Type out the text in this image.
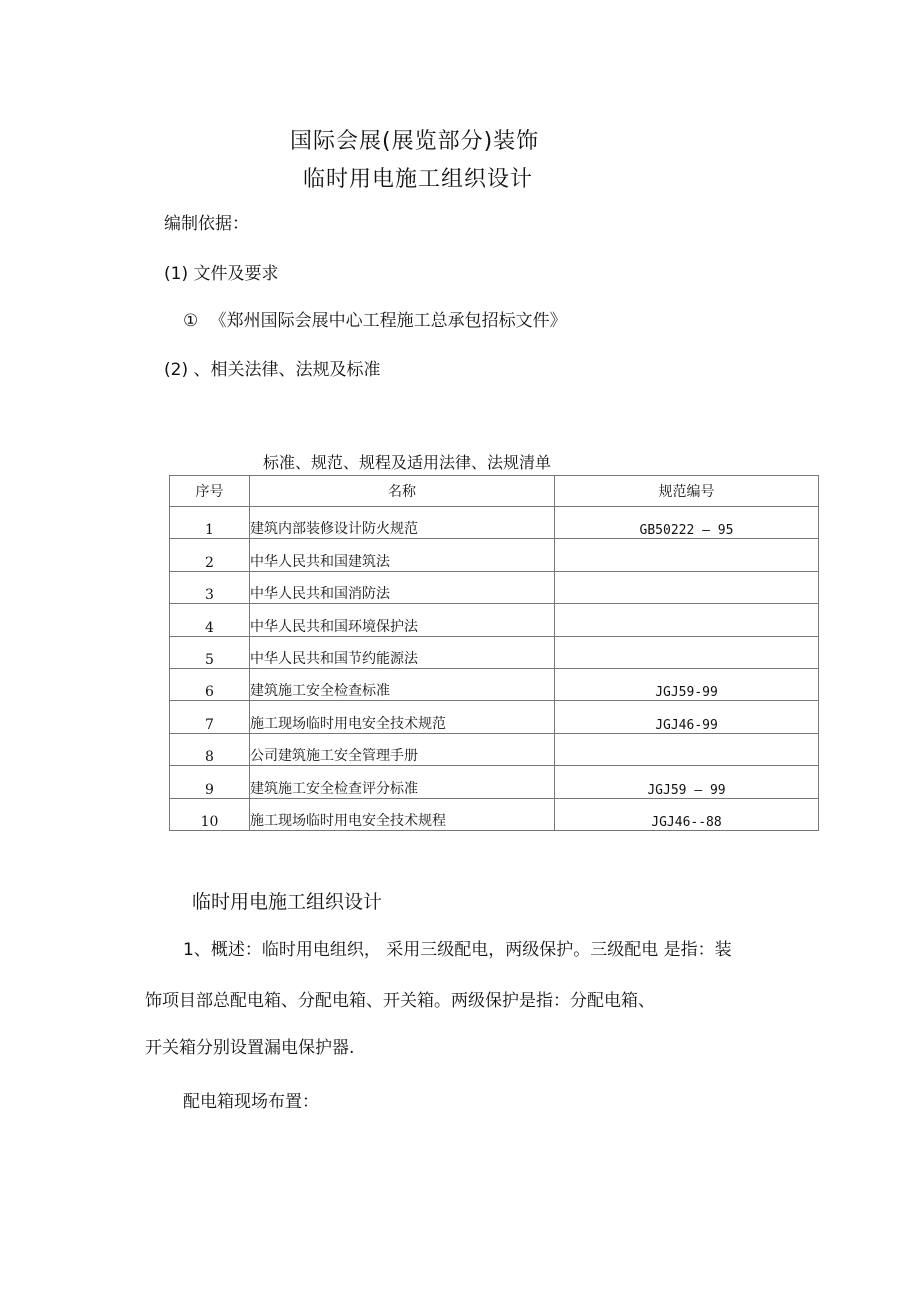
国际会展(展览部分)装饰
临时用电施工组织设计
编制依据：
(1) 文件及要求
① 《郑州国际会展中心工程施工总承包招标文件》
(2) 、相关法律、法规及标准
标准、规范、规程及适用法律、法规清单
序号	名称	规范编号
1	建筑内部装修设计防火规范	GB50222 — 95
2	中华人民共和国建筑法	
3	中华人民共和国消防法	
4	中华人民共和国环境保护法	
5	中华人民共和国节约能源法	
6	建筑施工安全检查标准	JGJ59-99
7	施工现场临时用电安全技术规范	JGJ46-99
8	公司建筑施工安全管理手册	
9	建筑施工安全检查评分标准	JGJ59 — 99
10	施工现场临时用电安全技术规程	JGJ46--88
临时用电施工组织设计
1、概述：临时用电组织， 采用三级配电，两级保护。三级配电 是指：装
饰项目部总配电箱、分配电箱、开关箱。两级保护是指：分配电箱、
开关箱分别设置漏电保护器.
配电箱现场布置：
